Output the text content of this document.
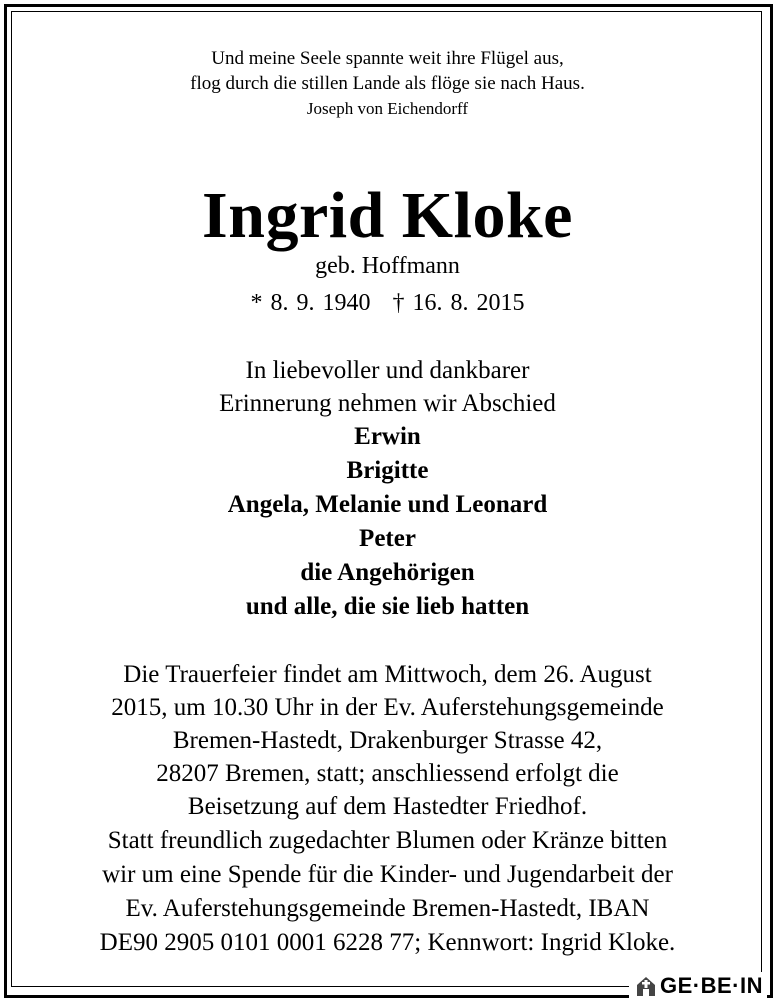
Und meine Seele spannte weit ihre Flügel aus,
flog durch die stillen Lande als flöge sie nach Haus.
Joseph von Eichendorff
Ingrid Kloke
geb. Hoffmann
* 8. 9. 1940 † 16. 8. 2015
In liebevoller und dankbarer
Erinnerung nehmen wir Abschied
Erwin
Brigitte
Angela, Melanie und Leonard
Peter
die Angehörigen
und alle, die sie lieb hatten
Die Trauerfeier findet am Mittwoch, dem 26. August
2015, um 10.30 Uhr in der Ev. Auferstehungsgemeinde
Bremen-Hastedt, Drakenburger Strasse 42,
28207 Bremen, statt; anschliessend erfolgt die
Beisetzung auf dem Hastedter Friedhof.
Statt freundlich zugedachter Blumen oder Kränze bitten
wir um eine Spende für die Kinder- und Jugendarbeit der
Ev. Auferstehungsgemeinde Bremen-Hastedt, IBAN
DE90 2905 0101 0001 6228 77; Kennwort: Ingrid Kloke.
GE·BE·IN
